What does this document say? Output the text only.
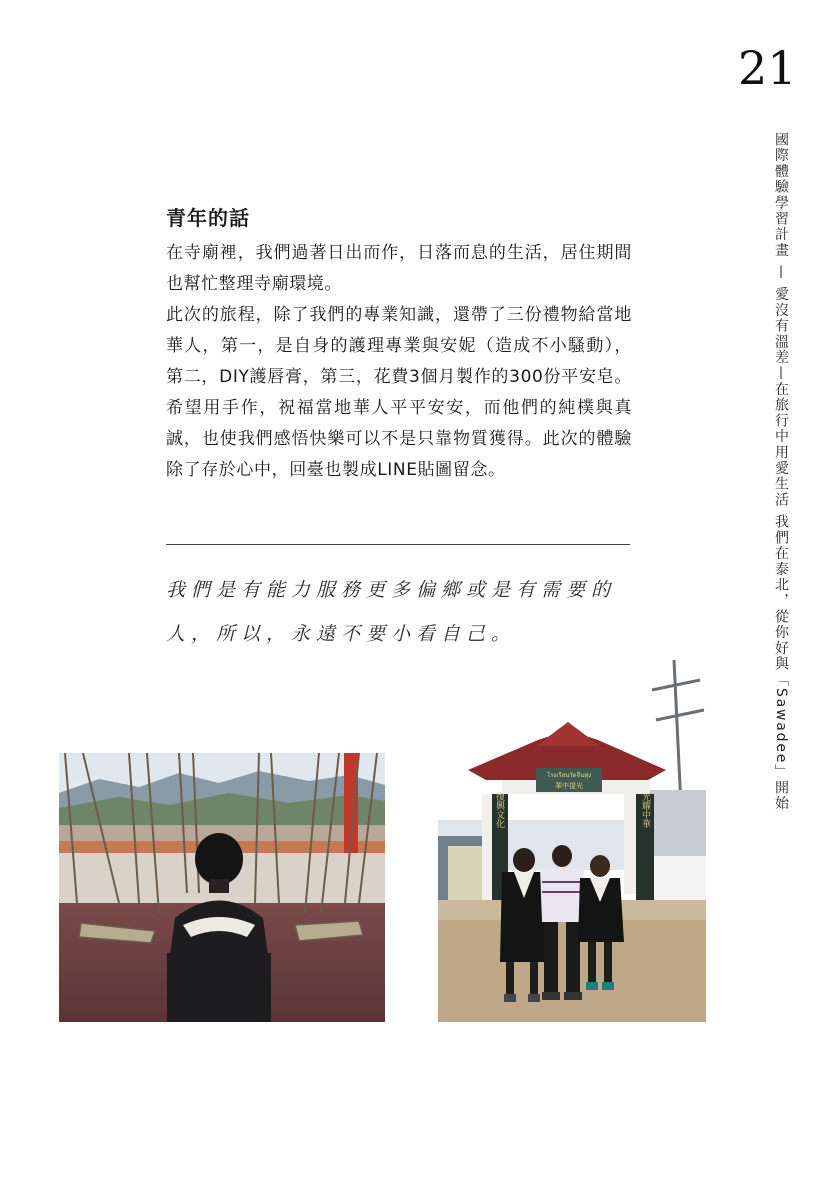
21
國際體驗學習計畫 — 愛沒有溫差—在旅行中用愛生活 我們在泰北，從你好與「Sawadee」開始
青年的話

在寺廟裡，我們過著日出而作，日落而息的生活，居住期間也幫忙整理寺廟環境。

此次的旅程，除了我們的專業知識，還帶了三份禮物給當地華人，第一，是自身的護理專業與安妮（造成不小騷動），第二，DIY護唇膏，第三，花費3個月製作的300份平安皂。希望用手作，祝福當地華人平平安安，而他們的純樸與真誠，也使我們感悟快樂可以不是只靠物質獲得。此次的體驗除了存於心中，回臺也製成LINE貼圖留念。

我們是有能力服務更多偏鄉或是有需要的人，所以，永遠不要小看自己。
โรงเรียนวัดจีนทุ่ง
華中提光
復興文化	光耀中華
